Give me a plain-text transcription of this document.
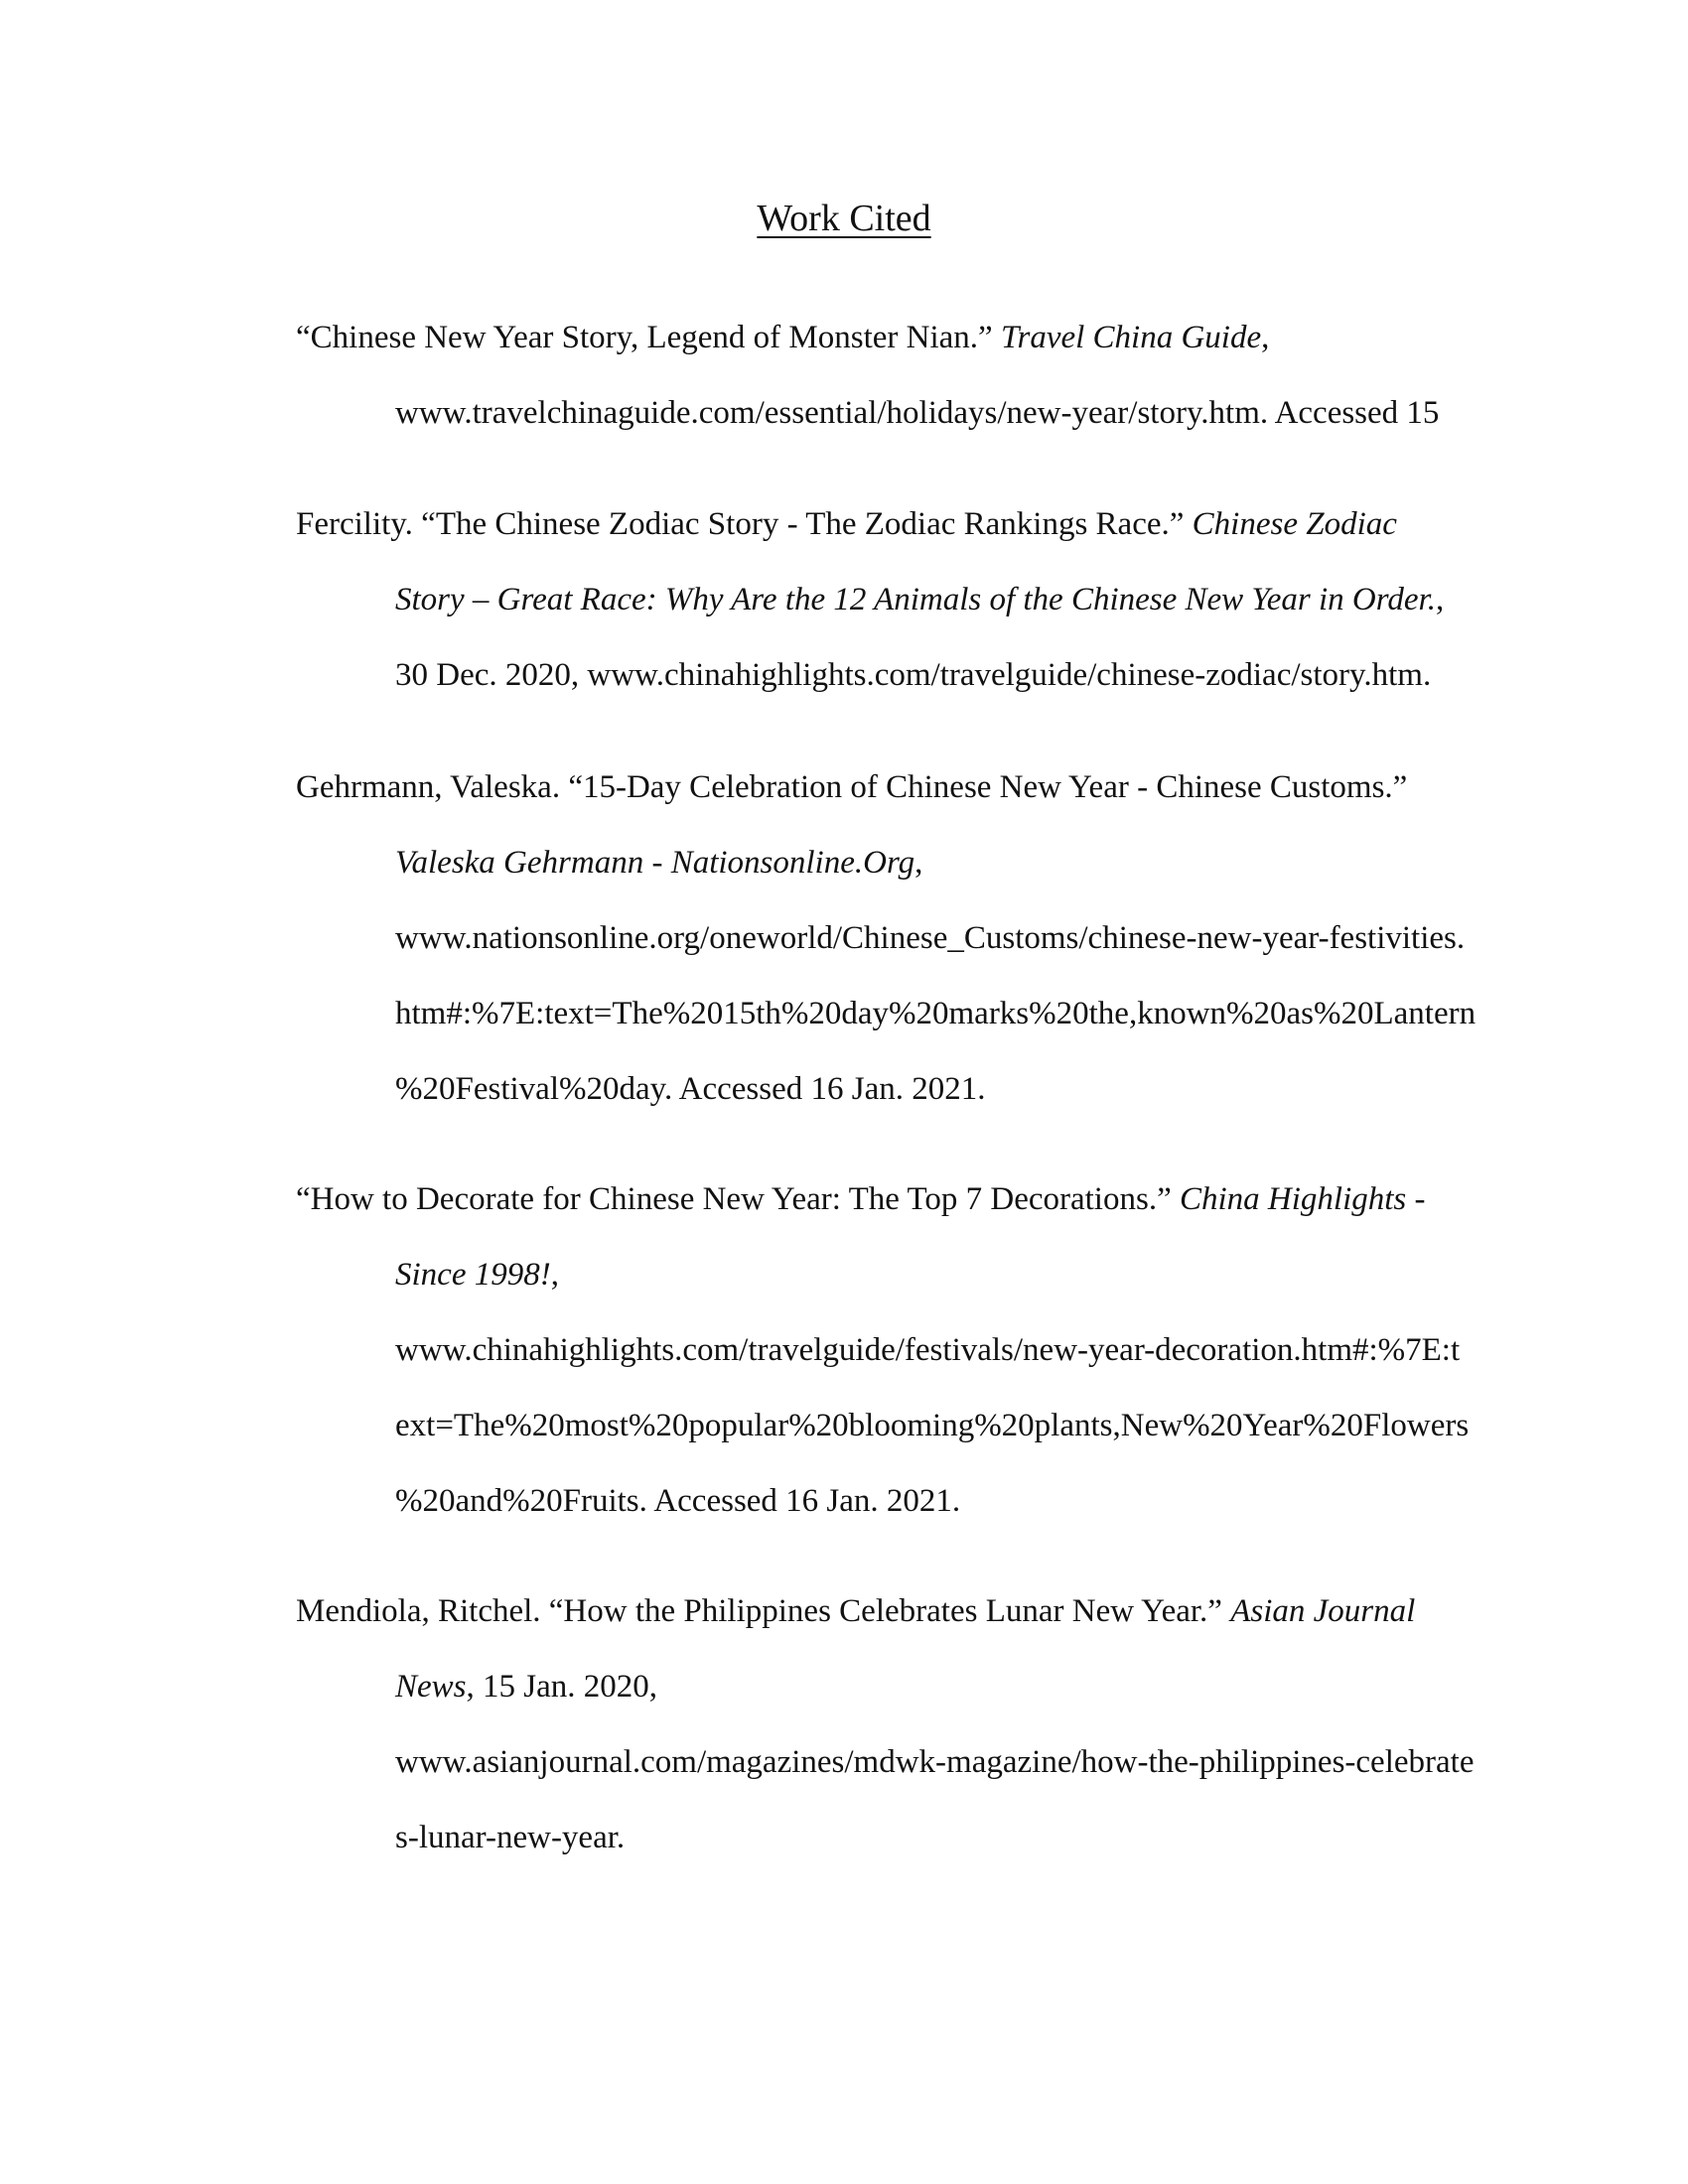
Work Cited
“Chinese New Year Story, Legend of Monster Nian.” Travel China Guide,
www.travelchinaguide.com/essential/holidays/new-year/story.htm. Accessed 15
Fercility. “The Chinese Zodiac Story - The Zodiac Rankings Race.” Chinese Zodiac
Story – Great Race: Why Are the 12 Animals of the Chinese New Year in Order.,
30 Dec. 2020, www.chinahighlights.com/travelguide/chinese-zodiac/story.htm.
Gehrmann, Valeska. “15-Day Celebration of Chinese New Year - Chinese Customs.”
Valeska Gehrmann - Nationsonline.Org,
www.nationsonline.org/oneworld/Chinese_Customs/chinese-new-year-festivities.
htm#:%7E:text=The%2015th%20day%20marks%20the,known%20as%20Lantern
%20Festival%20day. Accessed 16 Jan. 2021.
“How to Decorate for Chinese New Year: The Top 7 Decorations.” China Highlights -
Since 1998!,
www.chinahighlights.com/travelguide/festivals/new-year-decoration.htm#:%7E:t
ext=The%20most%20popular%20blooming%20plants,New%20Year%20Flowers
%20and%20Fruits. Accessed 16 Jan. 2021.
Mendiola, Ritchel. “How the Philippines Celebrates Lunar New Year.” Asian Journal
News, 15 Jan. 2020,
www.asianjournal.com/magazines/mdwk-magazine/how-the-philippines-celebrate
s-lunar-new-year.
